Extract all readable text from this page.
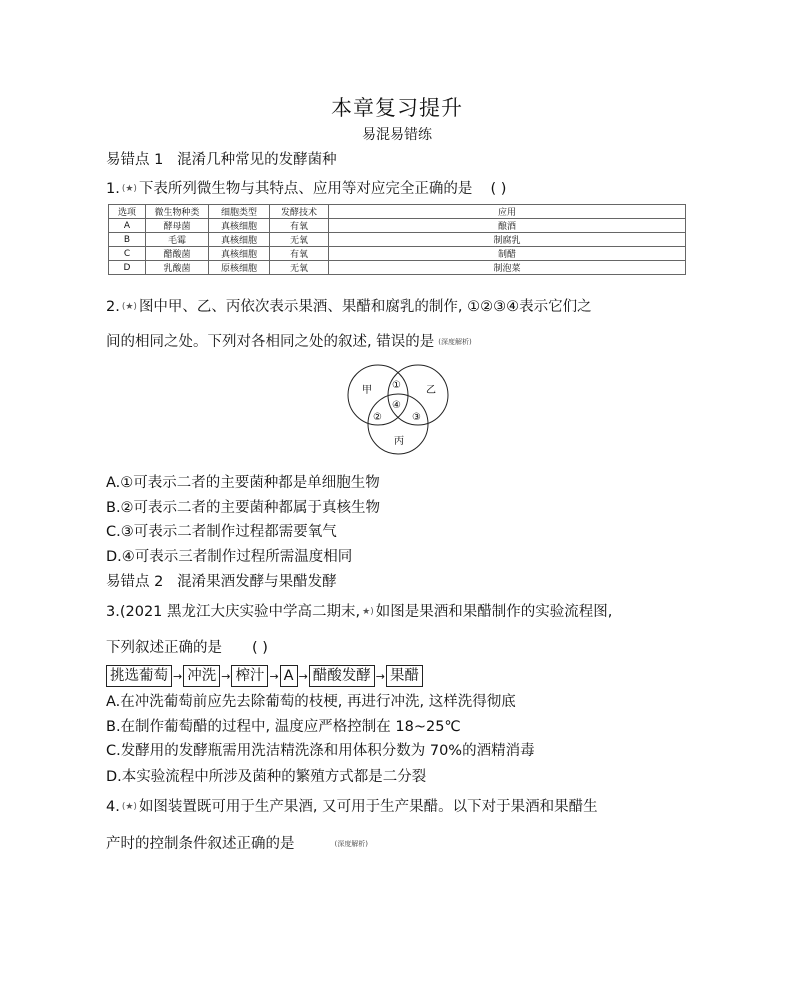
本章复习提升
易混易错练
易错点 1 混淆几种常见的发酵菌种
1. (★) 下表所列微生物与其特点、应用等对应完全正确的是 ( )
选项	微生物种类	细胞类型	发酵技术	应用
A	酵母菌	真核细胞	有氧	酿酒
B	毛霉	真核细胞	无氧	制腐乳
C	醋酸菌	真核细胞	有氧	制醋
D	乳酸菌	原核细胞	无氧	制泡菜
2. (★) 图中甲、乙、丙依次表示果酒、果醋和腐乳的制作, ①②③④表示它们之
间的相同之处。下列对各相同之处的叙述, 错误的是 (深度解析)
甲	乙
丙
①
②	③
④
A.①可表示二者的主要菌种都是单细胞生物
B.②可表示二者的主要菌种都属于真核生物
C.③可表示二者制作过程都需要氧气
D.④可表示三者制作过程所需温度相同
易错点 2 混淆果酒发酵与果醋发酵
3.(2021 黑龙江大庆实验中学高二期末, ★) 如图是果酒和果醋制作的实验流程图,
下列叙述正确的是 ( )
挑选葡萄 → 冲洗 → 榨汁 → A → 醋酸发酵 → 果醋
A.在冲洗葡萄前应先去除葡萄的枝梗, 再进行冲洗, 这样洗得彻底
B.在制作葡萄醋的过程中, 温度应严格控制在 18~25℃
C.发酵用的发酵瓶需用洗洁精洗涤和用体积分数为 70%的酒精消毒
D.本实验流程中所涉及菌种的繁殖方式都是二分裂
4. (★) 如图装置既可用于生产果酒, 又可用于生产果醋。以下对于果酒和果醋生
产时的控制条件叙述正确的是	(深度解析)
